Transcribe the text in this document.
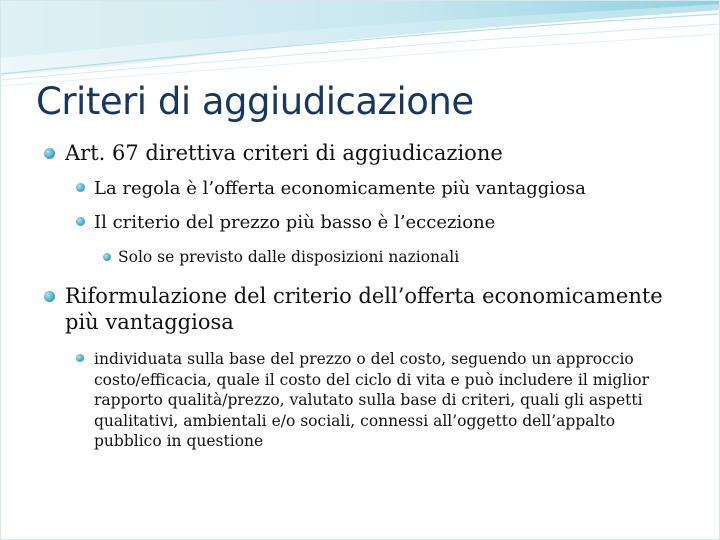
Criteri di aggiudicazione
Art. 67 direttiva criteri di aggiudicazione
La regola è l’offerta economicamente più vantaggiosa
Il criterio del prezzo più basso è l’eccezione
Solo se previsto dalle disposizioni nazionali
Riformulazione del criterio dell’offerta economicamente più vantaggiosa
individuata sulla base del prezzo o del costo, seguendo un approccio costo/efficacia, quale il costo del ciclo di vita e può includere il miglior rapporto qualità/prezzo, valutato sulla base di criteri, quali gli aspetti qualitativi, ambientali e/o sociali, connessi all’oggetto dell’appalto pubblico in questione
